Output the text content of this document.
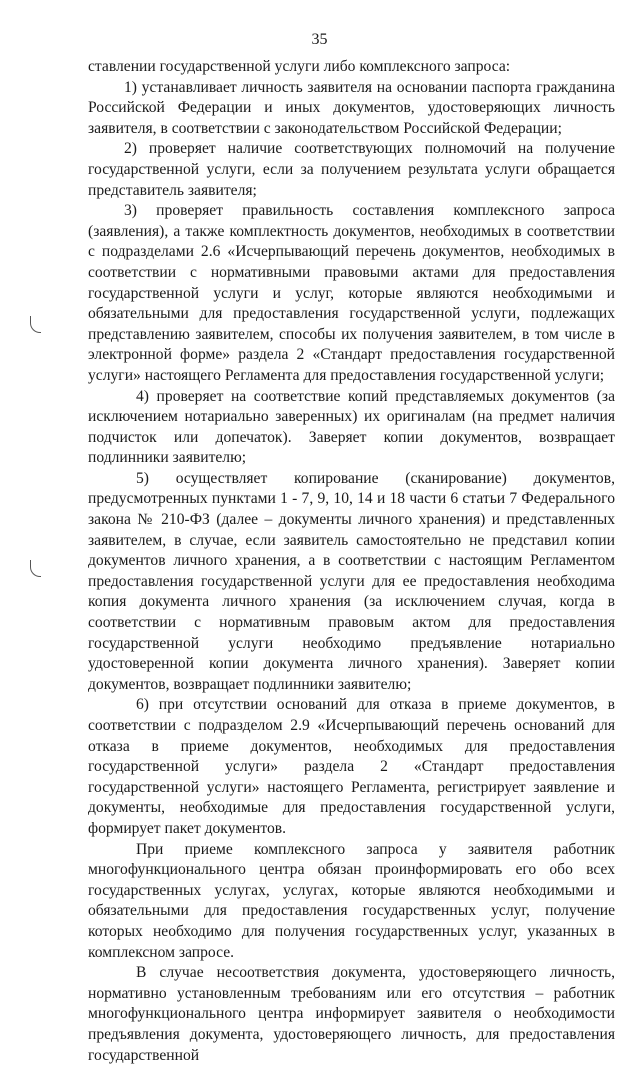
35

ставлении государственной услуги либо комплексного запроса:

1) устанавливает личность заявителя на основании паспорта гражданина Российской Федерации и иных документов, удостоверяющих личность заявителя, в соответствии с законодательством Российской Федерации;

2) проверяет наличие соответствующих полномочий на получение государственной услуги, если за получением результата услуги обращается представитель заявителя;

3) проверяет правильность составления комплексного запроса (заявления), а также комплектность документов, необходимых в соответствии с подразделами 2.6 «Исчерпывающий перечень документов, необходимых в соответствии с нормативными правовыми актами для предоставления государственной услуги и услуг, которые являются необходимыми и обязательными для предоставления государственной услуги, подлежащих представлению заявителем, способы их получения заявителем, в том числе в электронной форме» раздела 2 «Стандарт предоставления государственной услуги» настоящего Регламента для предоставления государственной услуги;

4) проверяет на соответствие копий представляемых документов (за исключением нотариально заверенных) их оригиналам (на предмет наличия подчисток или допечаток). Заверяет копии документов, возвращает подлинники заявителю;

5) осуществляет копирование (сканирование) документов, предусмотренных пунктами 1 - 7, 9, 10, 14 и 18 части 6 статьи 7 Федерального закона № 210-ФЗ (далее – документы личного хранения) и представленных заявителем, в случае, если заявитель самостоятельно не представил копии документов личного хранения, а в соответствии с настоящим Регламентом предоставления государственной услуги для ее предоставления необходима копия документа личного хранения (за исключением случая, когда в соответствии с нормативным правовым актом для предоставления государственной услуги необходимо предъявление нотариально удостоверенной копии документа личного хранения). Заверяет копии документов, возвращает подлинники заявителю;

6) при отсутствии оснований для отказа в приеме документов, в соответствии с подразделом 2.9 «Исчерпывающий перечень оснований для отказа в приеме документов, необходимых для предоставления государственной услуги» раздела 2 «Стандарт предоставления государственной услуги» настоящего Регламента, регистрирует заявление и документы, необходимые для предоставления государственной услуги, формирует пакет документов.

При приеме комплексного запроса у заявителя работник многофункционального центра обязан проинформировать его обо всех государственных услугах, услугах, которые являются необходимыми и обязательными для предоставления государственных услуг, получение которых необходимо для получения государственных услуг, указанных в комплексном запросе.

В случае несоответствия документа, удостоверяющего личность, нормативно установленным требованиям или его отсутствия – работник многофункционального центра информирует заявителя о необходимости предъявления документа, удостоверяющего личность, для предоставления государственной
